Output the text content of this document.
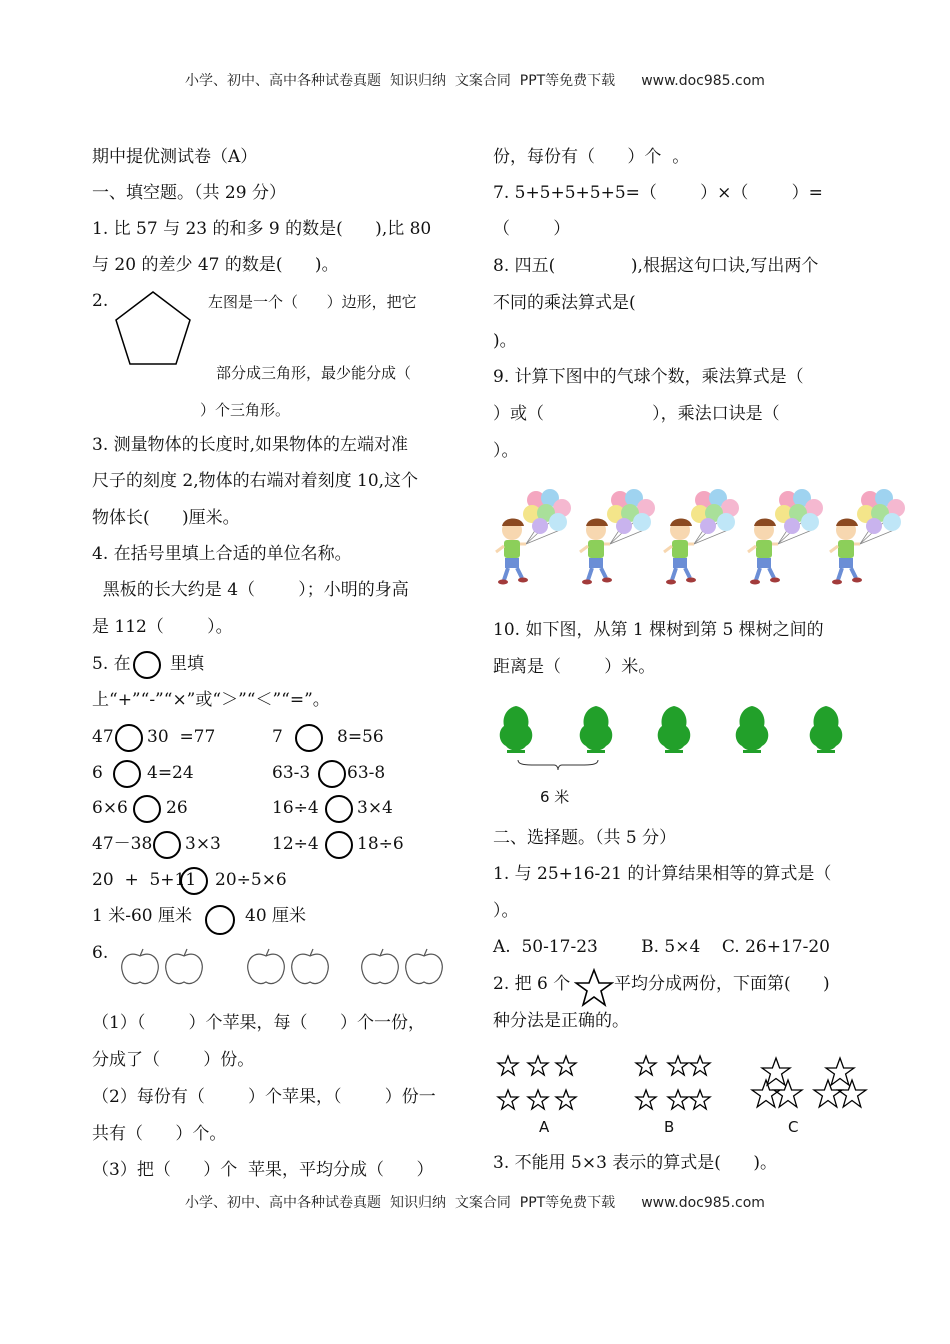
小学、初中、高中各种试卷真题  知识归纳  文案合同  PPT等免费下载 www.doc985.com
小学、初中、高中各种试卷真题  知识归纳  文案合同  PPT等免费下载 www.doc985.com
期中提优测试卷（A）
一、填空题。（共 29 分）
1. 比 57 与 23 的和多 9 的数是(      ),比 80
与 20 的差少 47 的数是(      )。
2.	左图是一个（      ）边形，把它
部分成三角形，最少能分成（
）个三角形。
3. 测量物体的长度时,如果物体的左端对准
尺子的刻度 2,物体的右端对着刻度 10,这个
物体长(      )厘米。
4. 在括号里填上合适的单位名称。
黑板的长大约是 4（        ）；小明的身高
是 112（        ）。
5. 在 里填
上“+”“-”“×”或“＞”“＜”“=”。
47 30  =77	7	8=56
6	4=24	63-3 63-8
6×6 26	16÷4 3×4
47－38 3×3	12÷4 18÷6
20  +  5+11 20÷5×6
1 米-60 厘米	40 厘米
6.
（1）（        ）个苹果，每（      ）个一份，
分成了（        ）份。
（2）每份有（        ）个苹果，（        ）份一
共有（      ）个。
（3）把（      ）个  苹果，平均分成（      ）
份，每份有（      ）个  。
7. 5+5+5+5+5=（        ）×（        ）=
（        ）
8. 四五(              ),根据这句口诀,写出两个
不同的乘法算式是(
)。
9. 计算下图中的气球个数，乘法算式是（
）或（                    ），乘法口诀是（
）。
10. 如下图，从第 1 棵树到第 5 棵树之间的
距离是（        ）米。
6 米
二、选择题。（共 5 分）
1. 与 25+16-21 的计算结果相等的算式是（
）。
A.  50-17-23        B. 5×4    C. 26+17-20
2. 把 6 个	平均分成两份，下面第(      )
种分法是正确的。
A	B	C
3. 不能用 5×3 表示的算式是(      )。
